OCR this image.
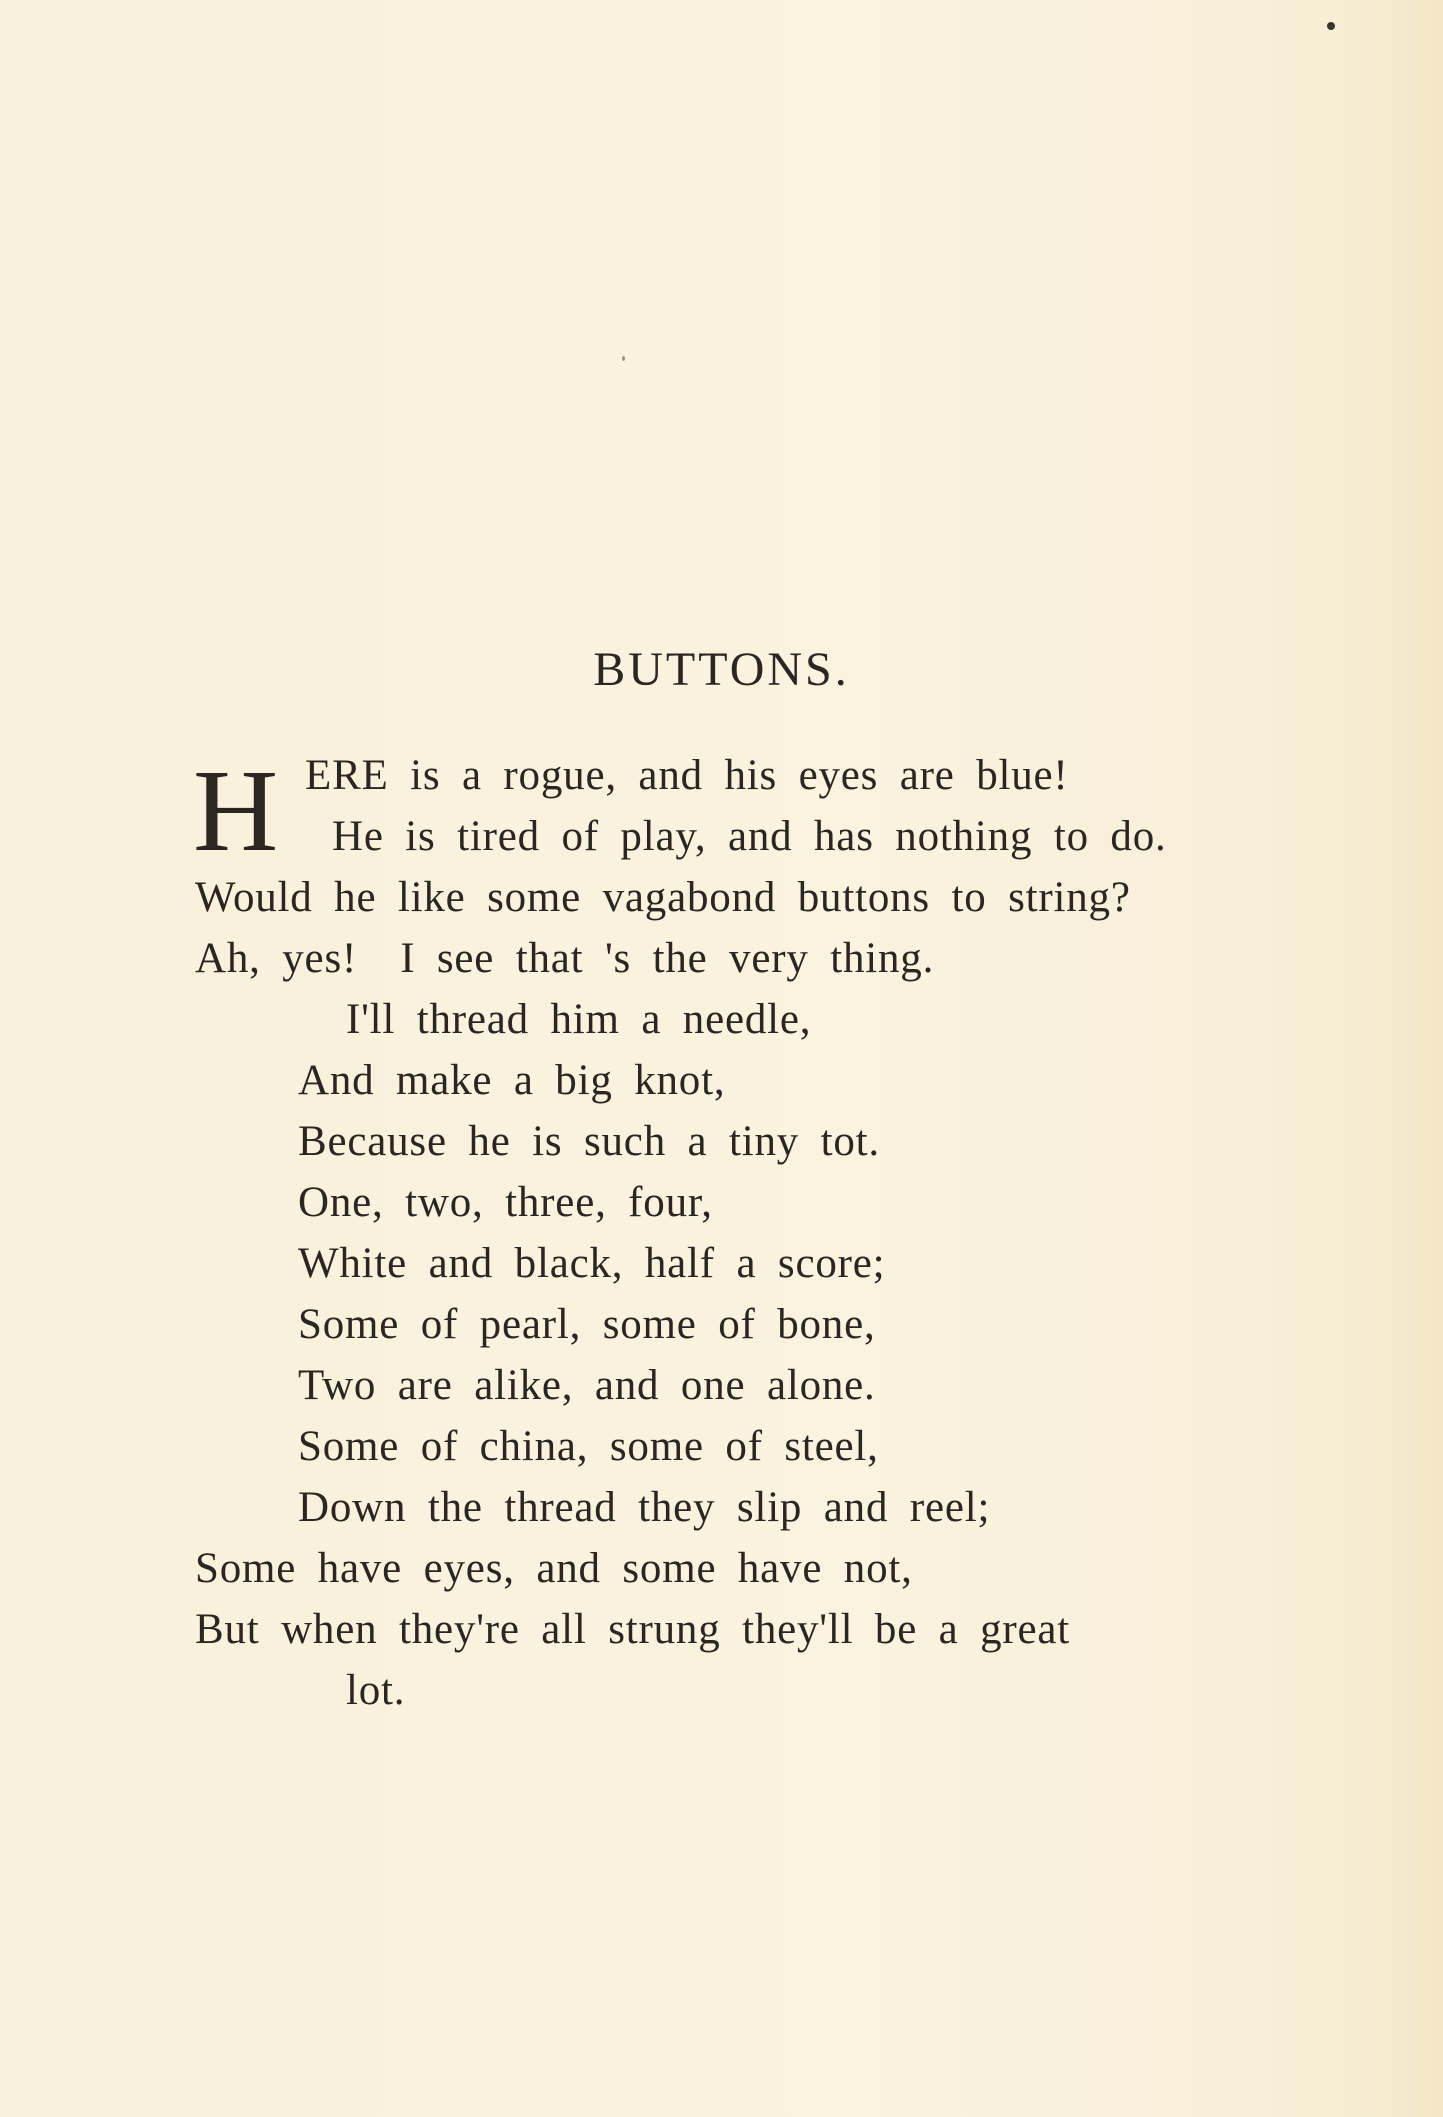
BUTTONS.
H ERE is a rogue, and his eyes are blue!
He is tired of play, and has nothing to do.
Would he like some vagabond buttons to string?
Ah, yes!  I see that 's the very thing.
I'll thread him a needle,
And make a big knot,
Because he is such a tiny tot.
One, two, three, four,
White and black, half a score;
Some of pearl, some of bone,
Two are alike, and one alone.
Some of china, some of steel,
Down the thread they slip and reel;
Some have eyes, and some have not,
But when they're all strung they'll be a great
lot.
